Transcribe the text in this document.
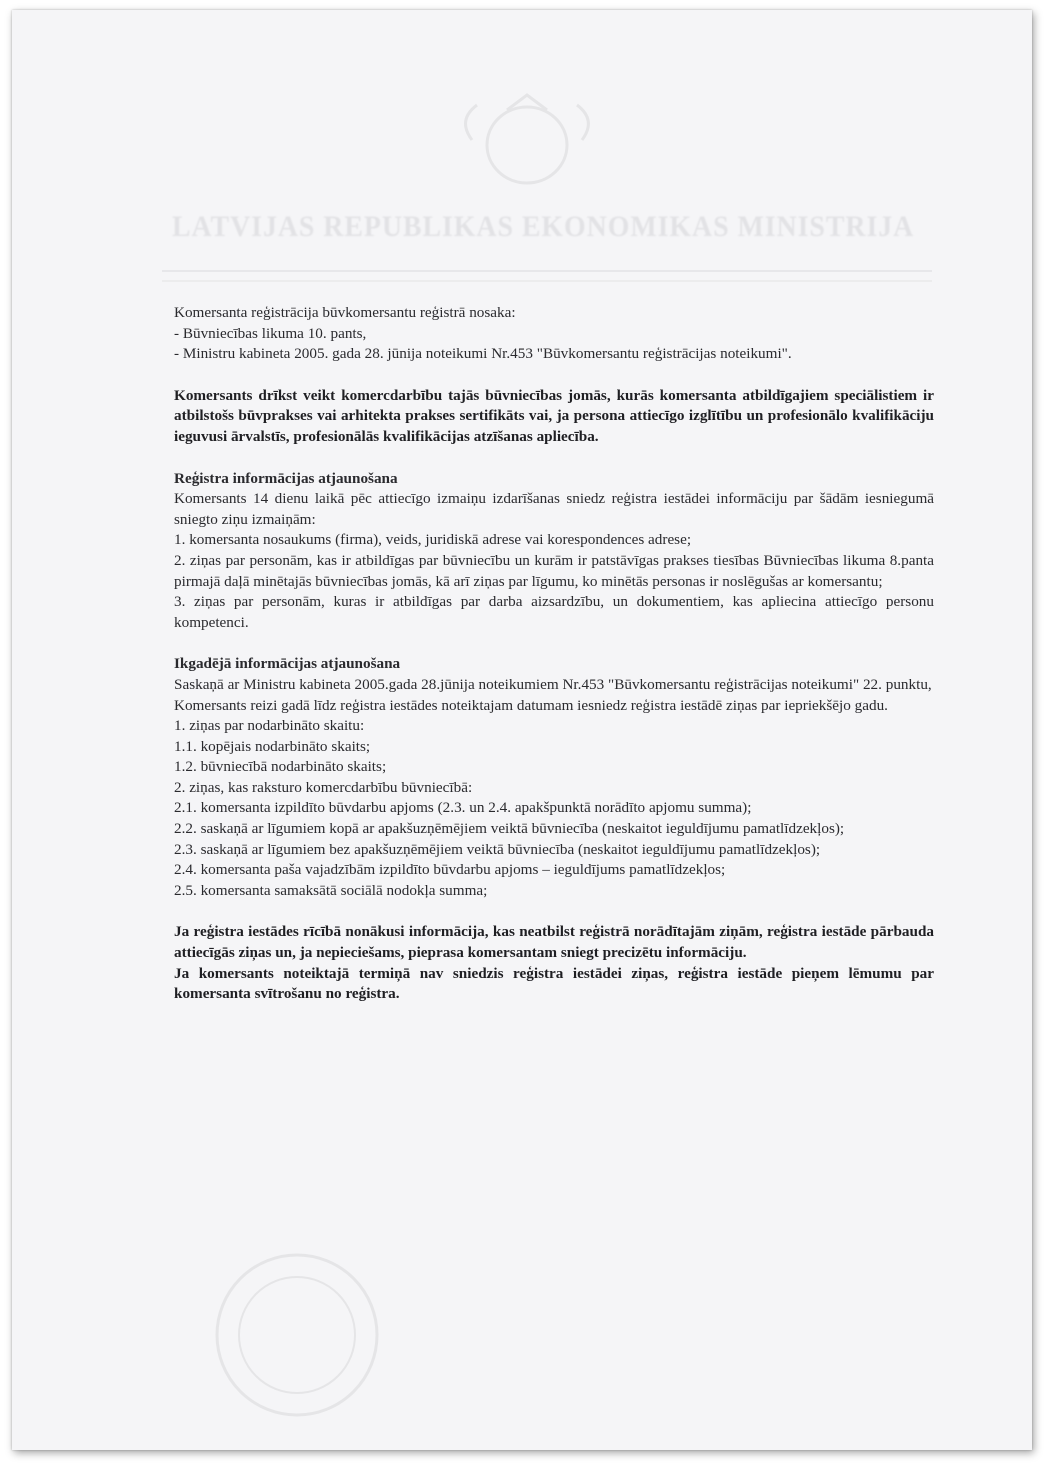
LATVIJAS REPUBLIKAS EKONOMIKAS MINISTRIJA

Komersanta reģistrācija būvkomersantu reģistrā nosaka:

- Būvniecības likuma 10. pants,

- Ministru kabineta 2005. gada 28. jūnija noteikumi Nr.453 "Būvkomersantu reģistrācijas noteikumi".

Komersants drīkst veikt komercdarbību tajās būvniecības jomās, kurās komersanta atbildīgajiem speciālistiem ir atbilstošs būvprakses vai arhitekta prakses sertifikāts vai, ja persona attiecīgo izglītību un profesionālo kvalifikāciju ieguvusi ārvalstīs, profesionālās kvalifikācijas atzīšanas apliecība.

Reģistra informācijas atjaunošana

Komersants 14 dienu laikā pēc attiecīgo izmaiņu izdarīšanas sniedz reģistra iestādei informāciju par šādām iesniegumā sniegto ziņu izmaiņām:

1. komersanta nosaukums (firma), veids, juridiskā adrese vai korespondences adrese;

2. ziņas par personām, kas ir atbildīgas par būvniecību un kurām ir patstāvīgas prakses tiesības Būvniecības likuma 8.panta pirmajā daļā minētajās būvniecības jomās, kā arī ziņas par līgumu, ko minētās personas ir noslēgušas ar komersantu;

3. ziņas par personām, kuras ir atbildīgas par darba aizsardzību, un dokumentiem, kas apliecina attiecīgo personu kompetenci.

Ikgadējā informācijas atjaunošana

Saskaņā ar Ministru kabineta 2005.gada 28.jūnija noteikumiem Nr.453 "Būvkomersantu reģistrācijas noteikumi" 22. punktu,

Komersants reizi gadā līdz reģistra iestādes noteiktajam datumam iesniedz reģistra iestādē ziņas par iepriekšējo gadu.

1. ziņas par nodarbināto skaitu:

1.1. kopējais nodarbināto skaits;

1.2. būvniecībā nodarbināto skaits;

2. ziņas, kas raksturo komercdarbību būvniecībā:

2.1. komersanta izpildīto būvdarbu apjoms (2.3. un 2.4. apakšpunktā norādīto apjomu summa);

2.2. saskaņā ar līgumiem kopā ar apakšuzņēmējiem veiktā būvniecība (neskaitot ieguldījumu pamatlīdzekļos);

2.3. saskaņā ar līgumiem bez apakšuzņēmējiem veiktā būvniecība (neskaitot ieguldījumu pamatlīdzekļos);

2.4. komersanta paša vajadzībām izpildīto būvdarbu apjoms – ieguldījums pamatlīdzekļos;

2.5. komersanta samaksātā sociālā nodokļa summa;

Ja reģistra iestādes rīcībā nonākusi informācija, kas neatbilst reģistrā norādītajām ziņām, reģistra iestāde pārbauda attiecīgās ziņas un, ja nepieciešams, pieprasa komersantam sniegt precizētu informāciju.

Ja komersants noteiktajā termiņā nav sniedzis reģistra iestādei ziņas, reģistra iestāde pieņem lēmumu par komersanta svītrošanu no reģistra.
